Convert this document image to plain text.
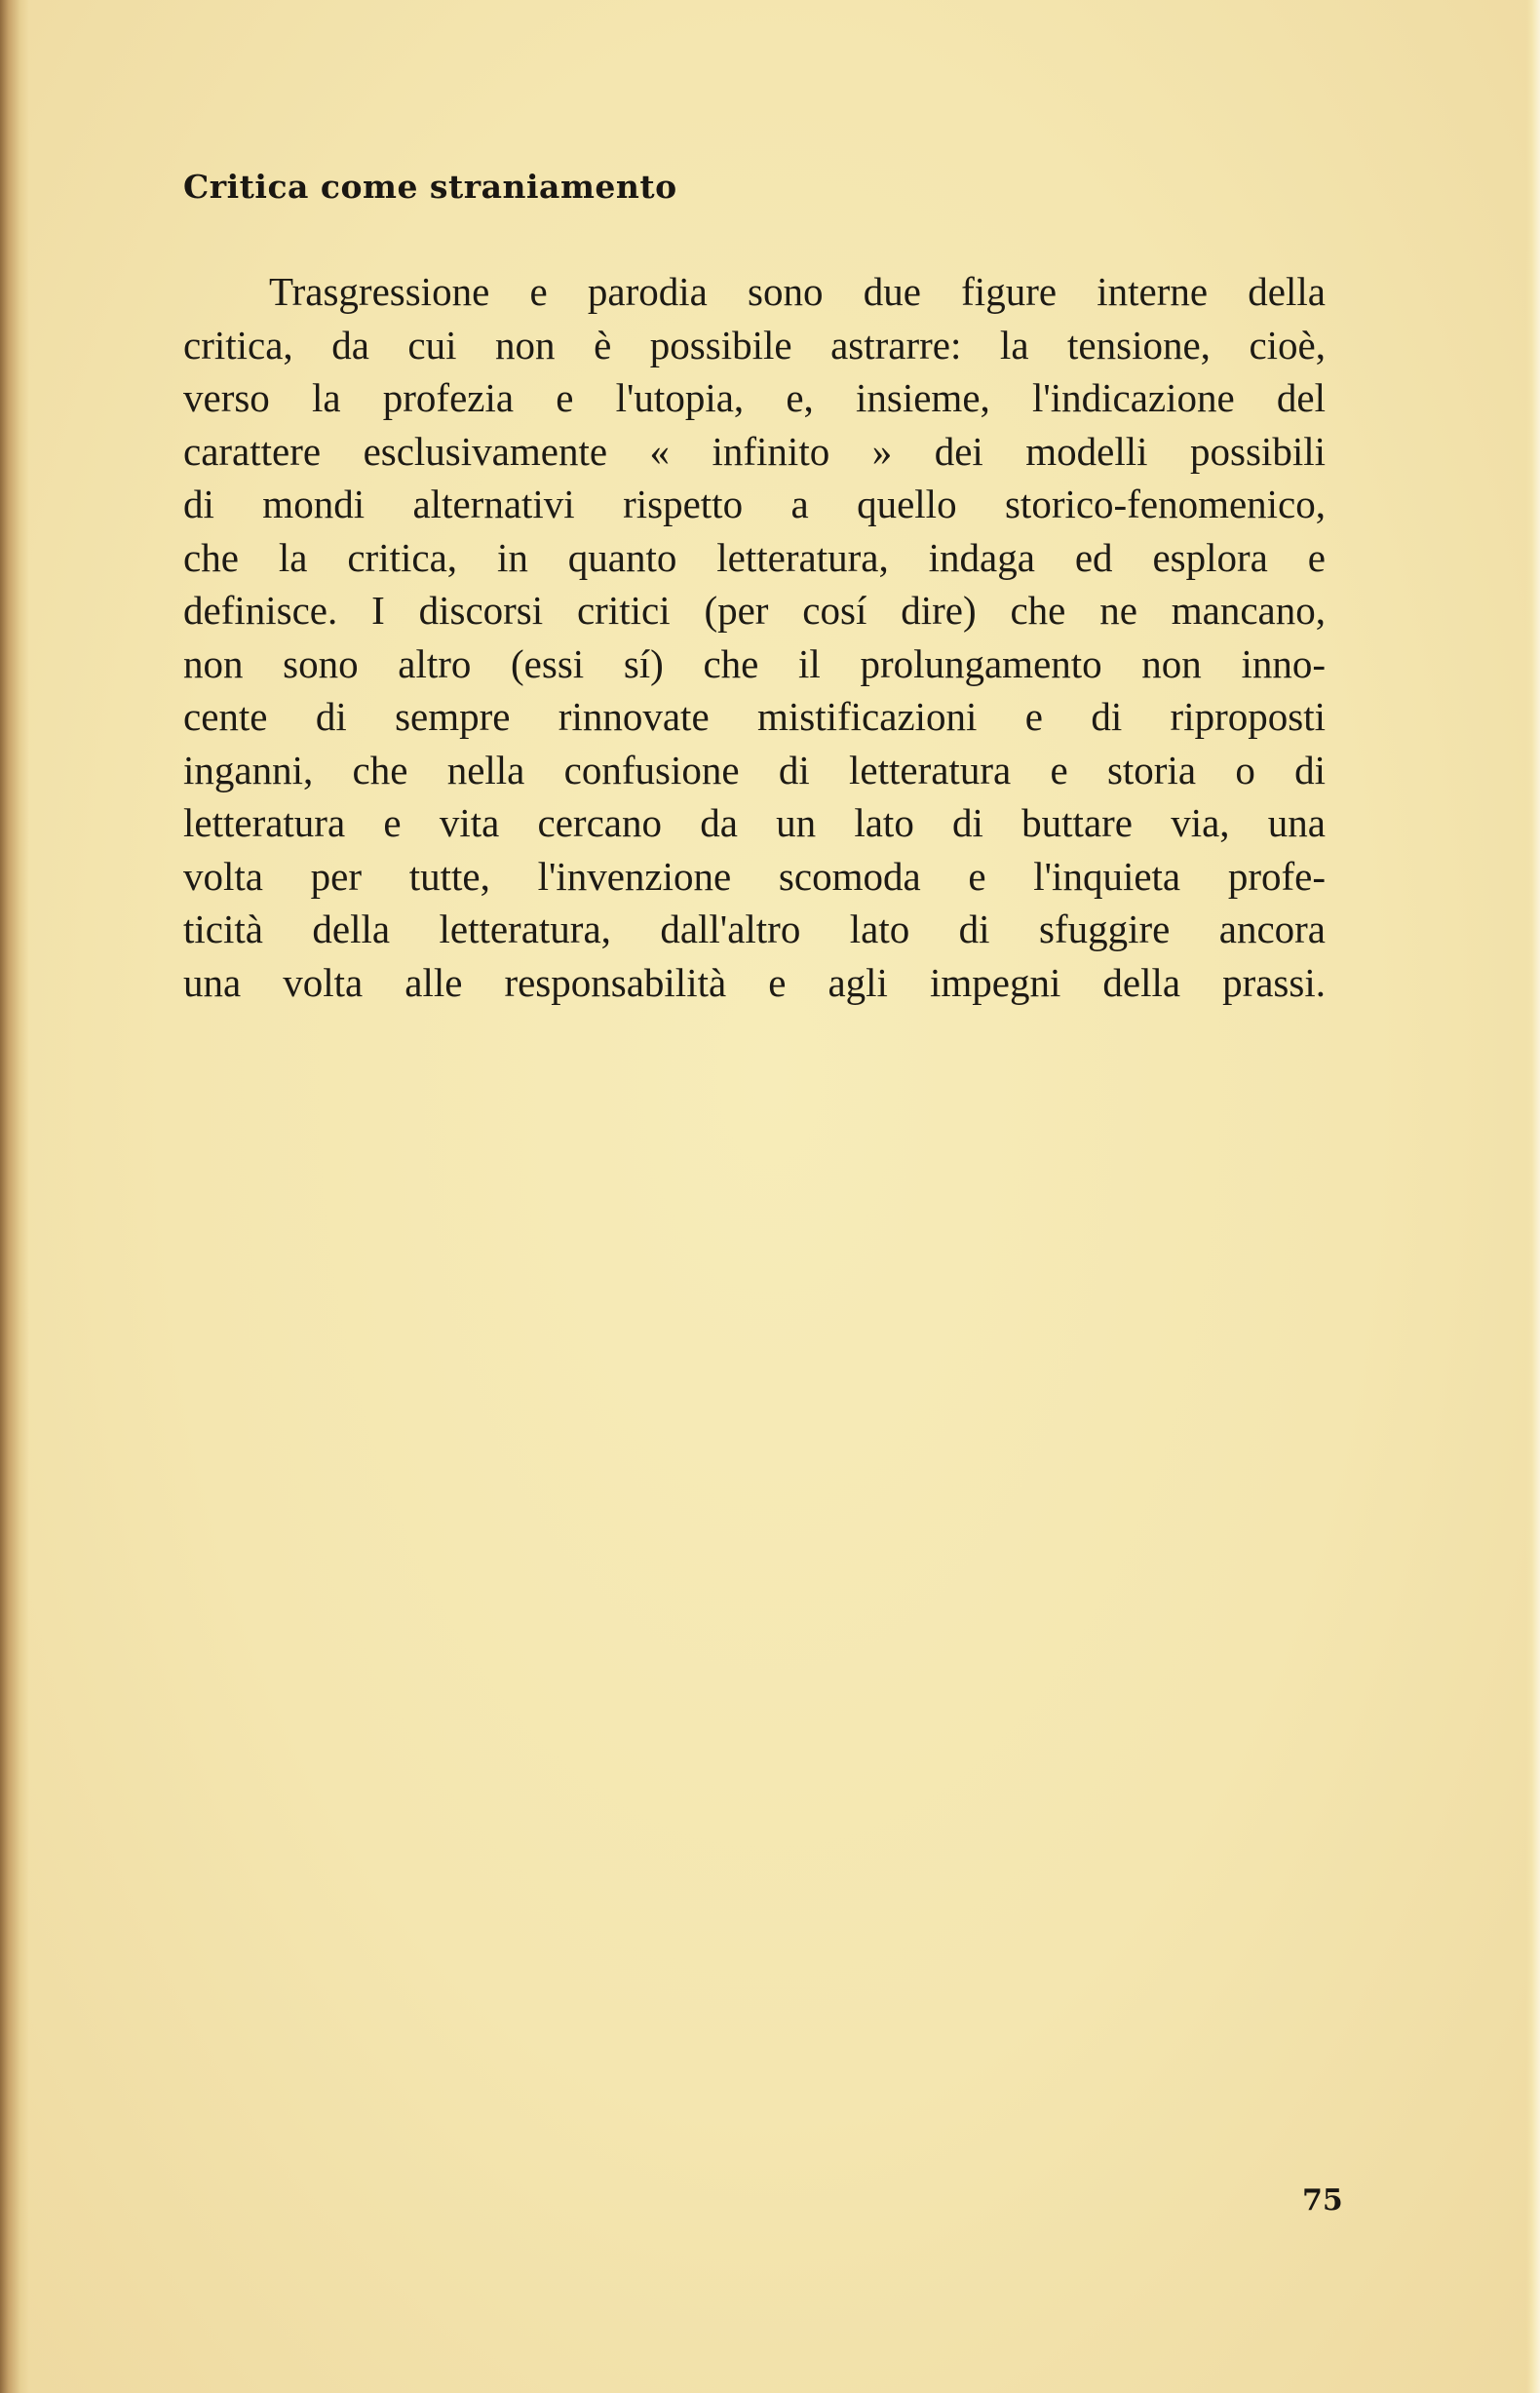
Critica come straniamento
Trasgressione e parodia sono due figure interne della
critica, da cui non è possibile astrarre: la tensione, cioè,
verso la profezia e l'utopia, e, insieme, l'indicazione del
carattere esclusivamente « infinito » dei modelli possibili
di mondi alternativi rispetto a quello storico-fenomenico,
che la critica, in quanto letteratura, indaga ed esplora e
definisce. I discorsi critici (per cosí dire) che ne mancano,
non sono altro (essi sí) che il prolungamento non inno-
cente di sempre rinnovate mistificazioni e di riproposti
inganni, che nella confusione di letteratura e storia o di
letteratura e vita cercano da un lato di buttare via, una
volta per tutte, l'invenzione scomoda e l'inquieta profe-
ticità della letteratura, dall'altro lato di sfuggire ancora
una volta alle responsabilità e agli impegni della prassi.
75
